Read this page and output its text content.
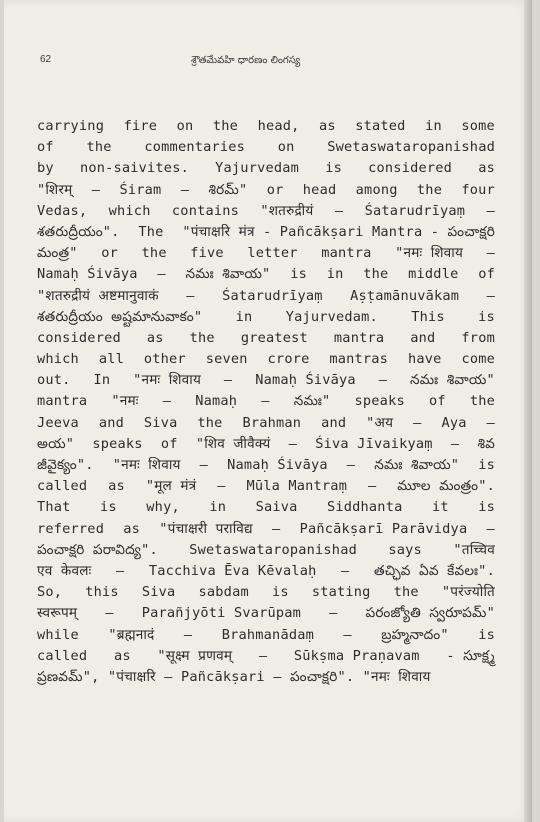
62	శ్రౌతమేవహి ధారణం లింగస్య
carrying fire on the head, as stated in some
of the commentaries on Swetaswataropanishad
by non-saivites. Yajurvedam is considered as
"शिरम् – Śiram – శిరమ్" or head among the four
Vedas, which contains "शतरुद्रीयं – Śatarudrīyaṃ –
శతరుద్రీయం". The "पंचाक्षरि मंत्र - Pañcākṣari Mantra - పంచాక్షరి
మంత్ర" or the five letter mantra "नमः शिवाय –
Namaḥ Śivāya – నమః శివాయ" is in the middle of
"शतरुद्रीयं अष्टमानुवाकं – Śatarudrīyaṃ Aṣṭamānuvākam –
శతరుద్రీయం అష్టమానువాకం" in Yajurvedam. This is
considered as the greatest mantra and from
which all other seven crore mantras have come
out. In "नमः शिवाय – Namaḥ Śivāya – నమః శివాయ"
mantra "नमः – Namaḥ – నమః" speaks of the
Jeeva and Siva the Brahman and "अय – Aya –
అయ" speaks of "शिव जीवैक्यं – Śiva Jīvaikyaṃ – శివ
జీవైక్యం". "नमः शिवाय – Namaḥ Śivāya – నమః శివాయ" is
called as "मूल मंत्रं – Mūla Mantraṃ – మూల మంత్రం".
That is why, in Saiva Siddhanta it is
referred as "पंचाक्षरी पराविद्य – Pañcākṣarī Parāvidya –
పంచాక్షరి పరావిద్య". Swetaswataropanishad says "तच्चिव
एव केवलः – Tacchiva Ēva Kēvalaḥ – తచ్ఛివ ఏవ కేవలః".
So, this Siva sabdam is stating the "परंज्योति
स्वरूपम् – Parañjyōti Svarūpam – పరంజ్యోతి స్వరూపమ్"
while "ब्रह्मनादं – Brahmanādaṃ – బ్రహ్మనాదం" is
called as "सूक्ष्म प्रणवम् – Sūkṣma Praṇavam - సూక్ష్మ
ప్రణవమ్", "पंचाक्षरि – Pañcākṣari – పంచాక్షరి". "नमः शिवाय
